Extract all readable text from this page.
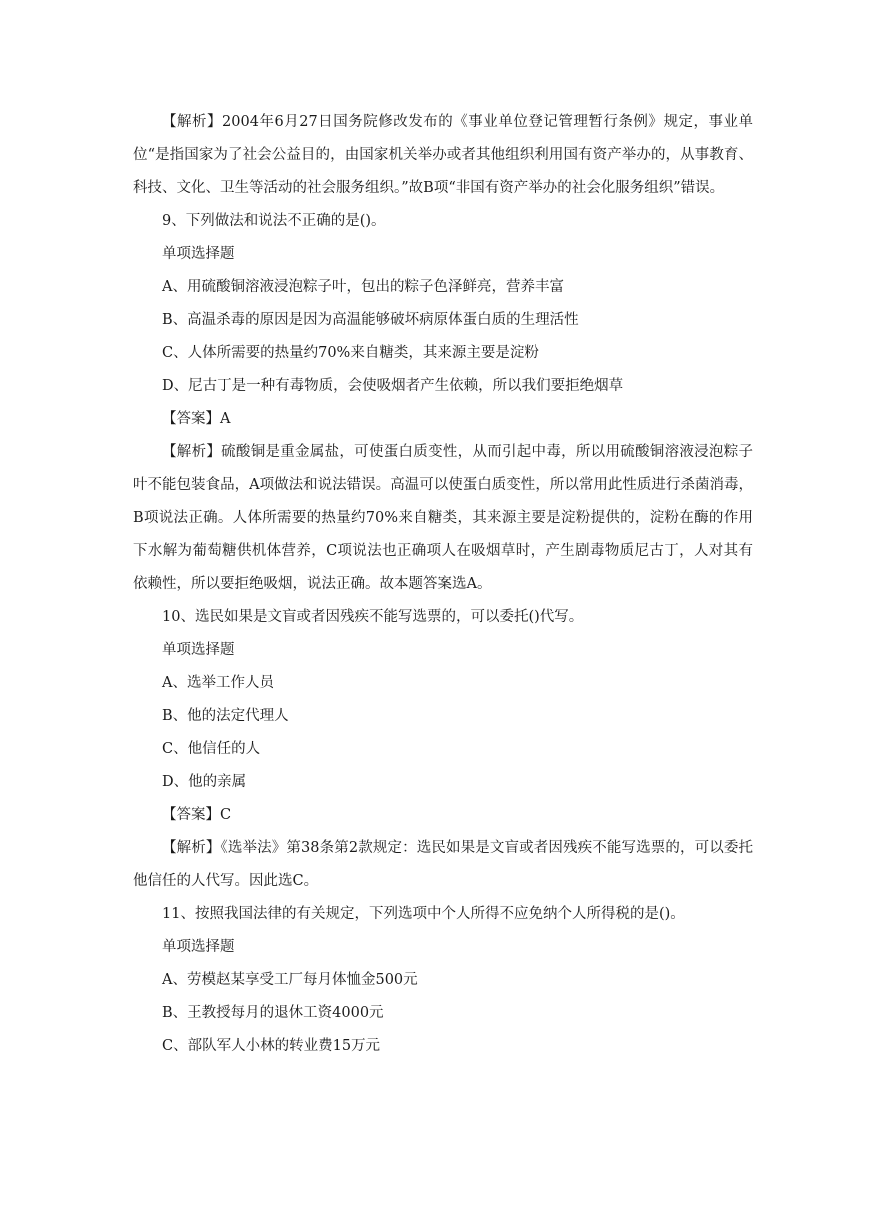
【解析】2004年6月27日国务院修改发布的《事业单位登记管理暂行条例》规定，事业单位“是指国家为了社会公益目的，由国家机关举办或者其他组织利用国有资产举办的，从事教育、科技、文化、卫生等活动的社会服务组织。”故B项“非国有资产举办的社会化服务组织”错误。

9、下列做法和说法不正确的是()。

单项选择题

A、用硫酸铜溶液浸泡粽子叶，包出的粽子色泽鲜亮，营养丰富

B、高温杀毒的原因是因为高温能够破坏病原体蛋白质的生理活性

C、人体所需要的热量约70%来自糖类，其来源主要是淀粉

D、尼古丁是一种有毒物质，会使吸烟者产生依赖，所以我们要拒绝烟草

【答案】A

【解析】硫酸铜是重金属盐，可使蛋白质变性，从而引起中毒，所以用硫酸铜溶液浸泡粽子叶不能包装食品，A项做法和说法错误。高温可以使蛋白质变性，所以常用此性质进行杀菌消毒，B项说法正确。人体所需要的热量约70%来自糖类，其来源主要是淀粉提供的，淀粉在酶的作用下水解为葡萄糖供机体营养，C项说法也正确项人在吸烟草时，产生剧毒物质尼古丁，人对其有依赖性，所以要拒绝吸烟，说法正确。故本题答案选A。

10、选民如果是文盲或者因残疾不能写选票的，可以委托()代写。

单项选择题

A、选举工作人员

B、他的法定代理人

C、他信任的人

D、他的亲属

【答案】C

【解析】《选举法》第38条第2款规定：选民如果是文盲或者因残疾不能写选票的，可以委托他信任的人代写。因此选C。

11、按照我国法律的有关规定，下列选项中个人所得不应免纳个人所得税的是()。

单项选择题

A、劳模赵某享受工厂每月体恤金500元

B、王教授每月的退休工资4000元

C、部队军人小林的转业费15万元
